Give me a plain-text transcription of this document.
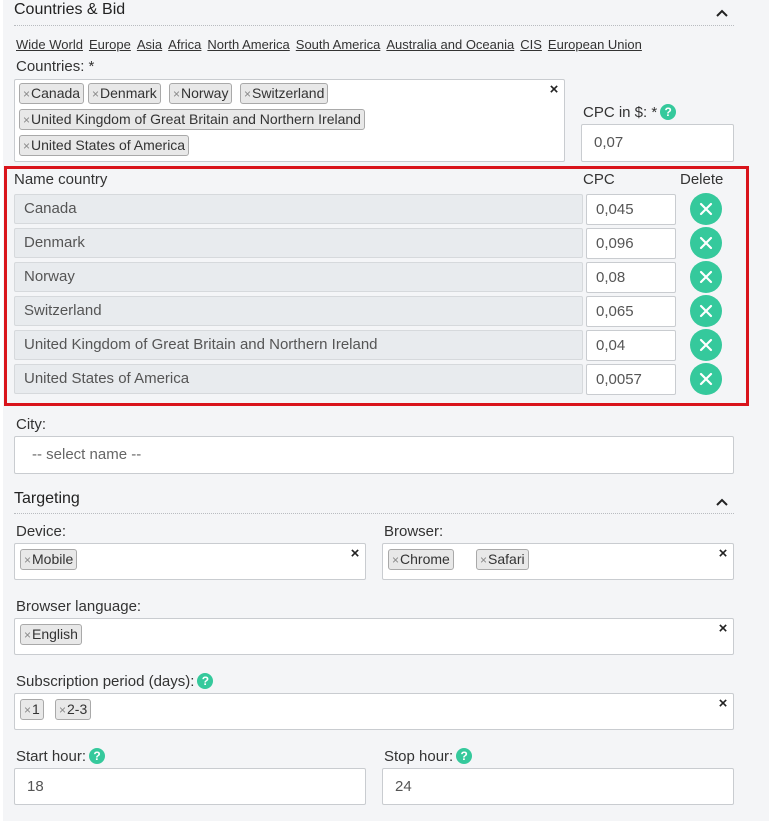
Countries & Bid
Wide World Europe Asia Africa North America South America Australia and Oceania CIS European Union
Countries: *
×Canada ×Denmark	×Norway	×Switzerland
×United Kingdom of Great Britain and Northern Ireland
×United States of America
×
CPC in $: * ?
0,07
Name country	CPC	Delete
Canada	0,045
Denmark	0,096
Norway	0,08
Switzerland	0,065
United Kingdom of Great Britain and Northern Ireland	0,04
United States of America	0,0057
City:
-- select name --
Targeting
Device:
×Mobile	×
Browser:
×Chrome	×Safari	×
Browser language:
×English	×
Subscription period (days): ?
×1	×2-3	×
Start hour: ?
18
Stop hour: ?
24
